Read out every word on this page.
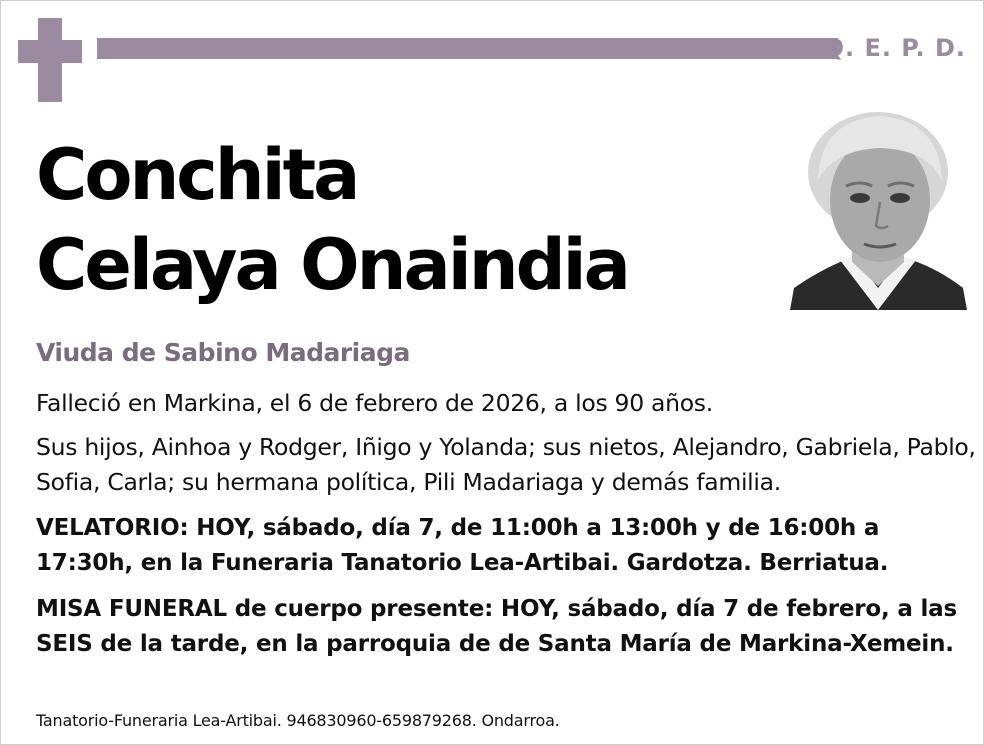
Q. E. P. D.
Conchita
Celaya Onaindia
Viuda de Sabino Madariaga
Falleció en Markina, el 6 de febrero de 2026, a los 90 años.
Sus hijos, Ainhoa y Rodger, Iñigo y Yolanda; sus nietos, Alejandro, Gabriela, Pablo, Sofia, Carla; su hermana política, Pili Madariaga y demás familia.
VELATORIO: HOY, sábado, día 7, de 11:00h a 13:00h y de 16:00h a 17:30h, en la Funeraria Tanatorio Lea-Artibai. Gardotza. Berriatua.
MISA FUNERAL de cuerpo presente: HOY, sábado, día 7 de febrero, a las SEIS de la tarde, en la parroquia de de Santa María de Markina-Xemein.
Tanatorio-Funeraria Lea-Artibai. 946830960-659879268. Ondarroa.
